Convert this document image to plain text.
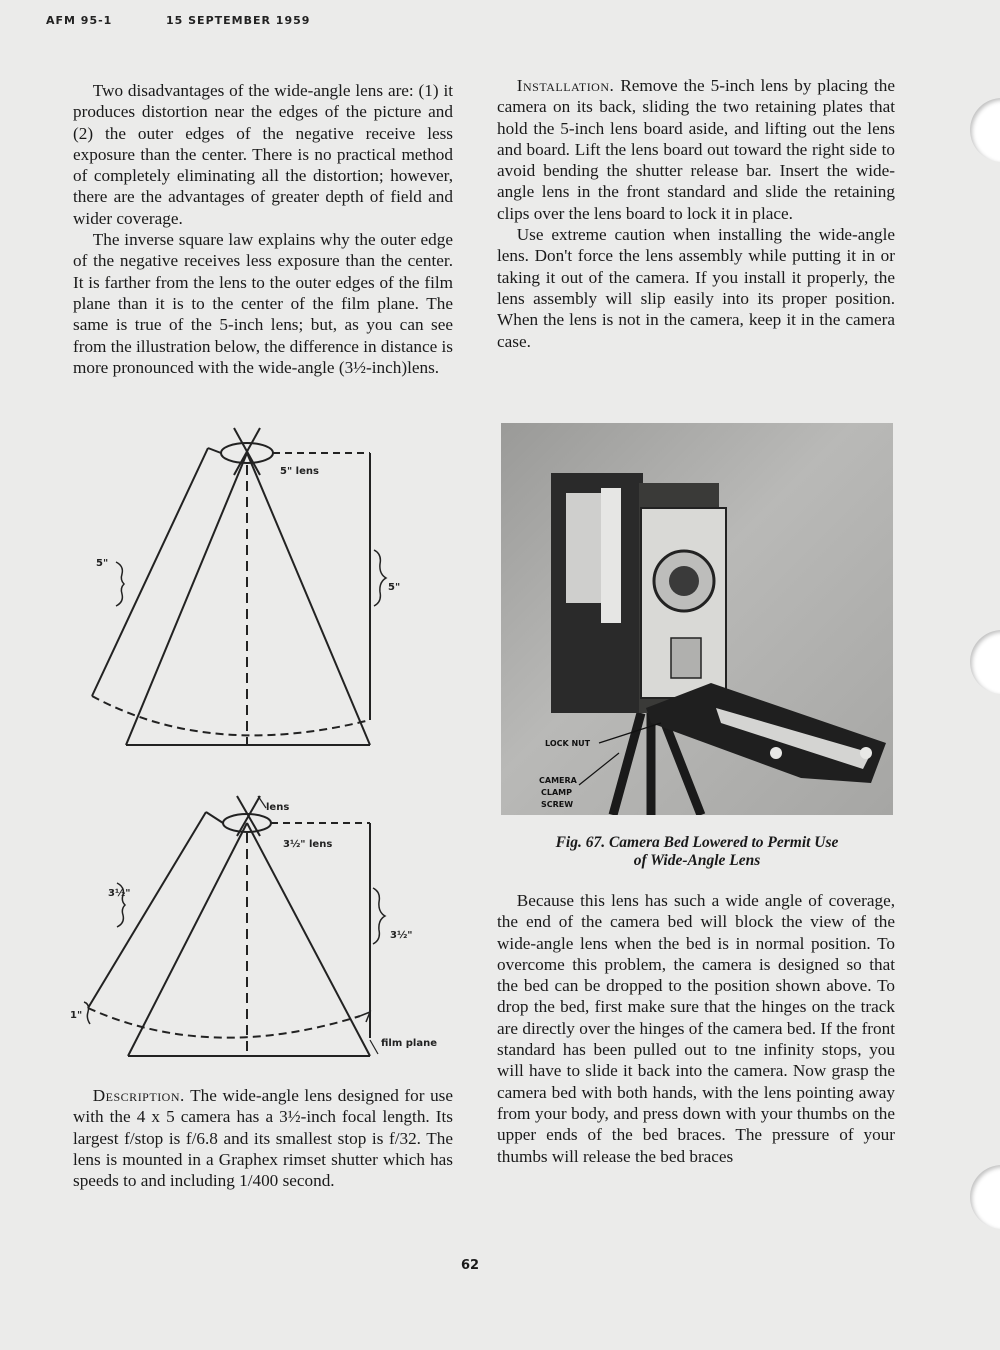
AFM 95-1	15 SEPTEMBER 1959

Two disadvantages of the wide-angle lens are: (1) it produces distortion near the edges of the picture and (2) the outer edges of the negative receive less exposure than the center. There is no practical method of completely eliminating all the distortion; however, there are the advantages of greater depth of field and wider coverage.

The inverse square law explains why the outer edge of the negative receives less exposure than the center. It is farther from the lens to the outer edges of the film plane than it is to the center of the film plane. The same is true of the 5-inch lens; but, as you can see from the illustration below, the difference in distance is more pronounced with the wide-angle (3½-inch)lens.

5" lens
5"
5"
lens
3½" lens
3½"
3½"
1"
film plane

Description. The wide-angle lens designed for use with the 4 x 5 camera has a 3½-inch focal length. Its largest f/stop is f/6.8 and its smallest stop is f/32. The lens is mounted in a Graphex rimset shutter which has speeds to and including 1/400 second.

Installation. Remove the 5-inch lens by placing the camera on its back, sliding the two retaining plates that hold the 5-inch lens board aside, and lifting out the lens and board. Lift the lens board out toward the right side to avoid bending the shutter release bar. Insert the wide-angle lens in the front standard and slide the retaining clips over the lens board to lock it in place.

Use extreme caution when installing the wide-angle lens. Don't force the lens assembly while putting it in or taking it out of the camera. If you install it properly, the lens assembly will slip easily into its proper position. When the lens is not in the camera, keep it in the camera case.

LOCK NUT
CAMERA
CLAMP
SCREW
Fig. 67. Camera Bed Lowered to Permit Use
of Wide-Angle Lens

Because this lens has such a wide angle of coverage, the end of the camera bed will block the view of the wide-angle lens when the bed is in normal position. To overcome this problem, the camera is designed so that the bed can be dropped to the position shown above. To drop the bed, first make sure that the hinges on the track are directly over the hinges of the camera bed. If the front standard has been pulled out to tne infinity stops, you will have to slide it back into the camera. Now grasp the camera bed with both hands, with the lens pointing away from your body, and press down with your thumbs on the upper ends of the bed braces. The pressure of your thumbs will release the bed braces

62
